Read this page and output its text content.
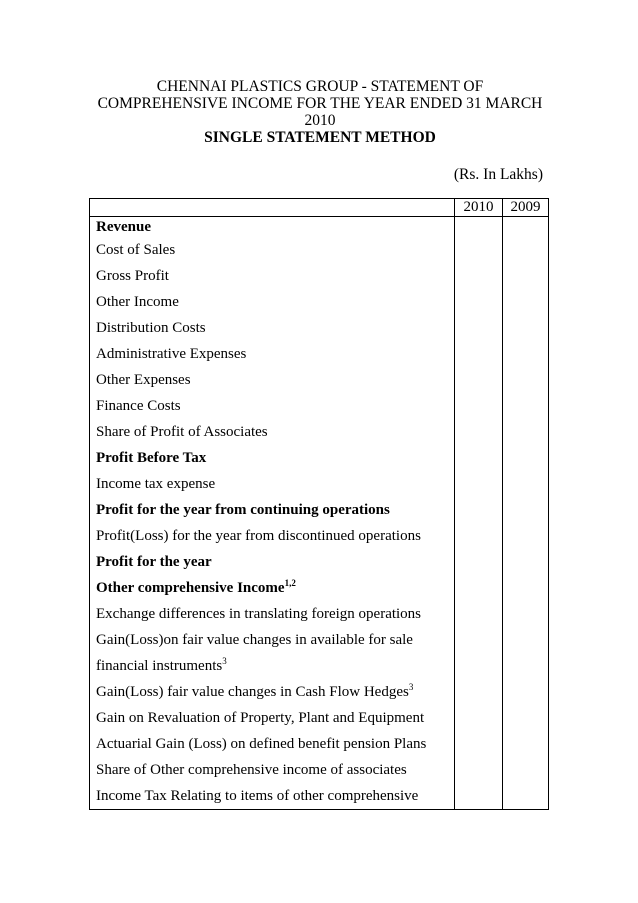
CHENNAI PLASTICS GROUP - STATEMENT OF
COMPREHENSIVE INCOME FOR THE YEAR ENDED 31 MARCH
2010
SINGLE STATEMENT METHOD
(Rs. In Lakhs)
	2010	2009
Revenue		
Cost of Sales		
Gross Profit		
Other Income		
Distribution Costs		
Administrative Expenses		
Other Expenses		
Finance Costs		
Share of Profit of Associates		
Profit Before Tax		
Income tax expense		
Profit for the year from continuing operations		
Profit(Loss) for the year from discontinued operations		
Profit for the year		
Other comprehensive Income$^{1,2}$		
Exchange differences in translating foreign operations		
Gain(Loss)on fair value changes in available for sale		
financial instruments$^3$		
Gain(Loss) fair value changes in Cash Flow Hedges$^3$		
Gain on Revaluation of Property, Plant and Equipment		
Actuarial Gain (Loss) on defined benefit pension Plans		
Share of Other comprehensive income of associates		
Income Tax Relating to items of other comprehensive		
